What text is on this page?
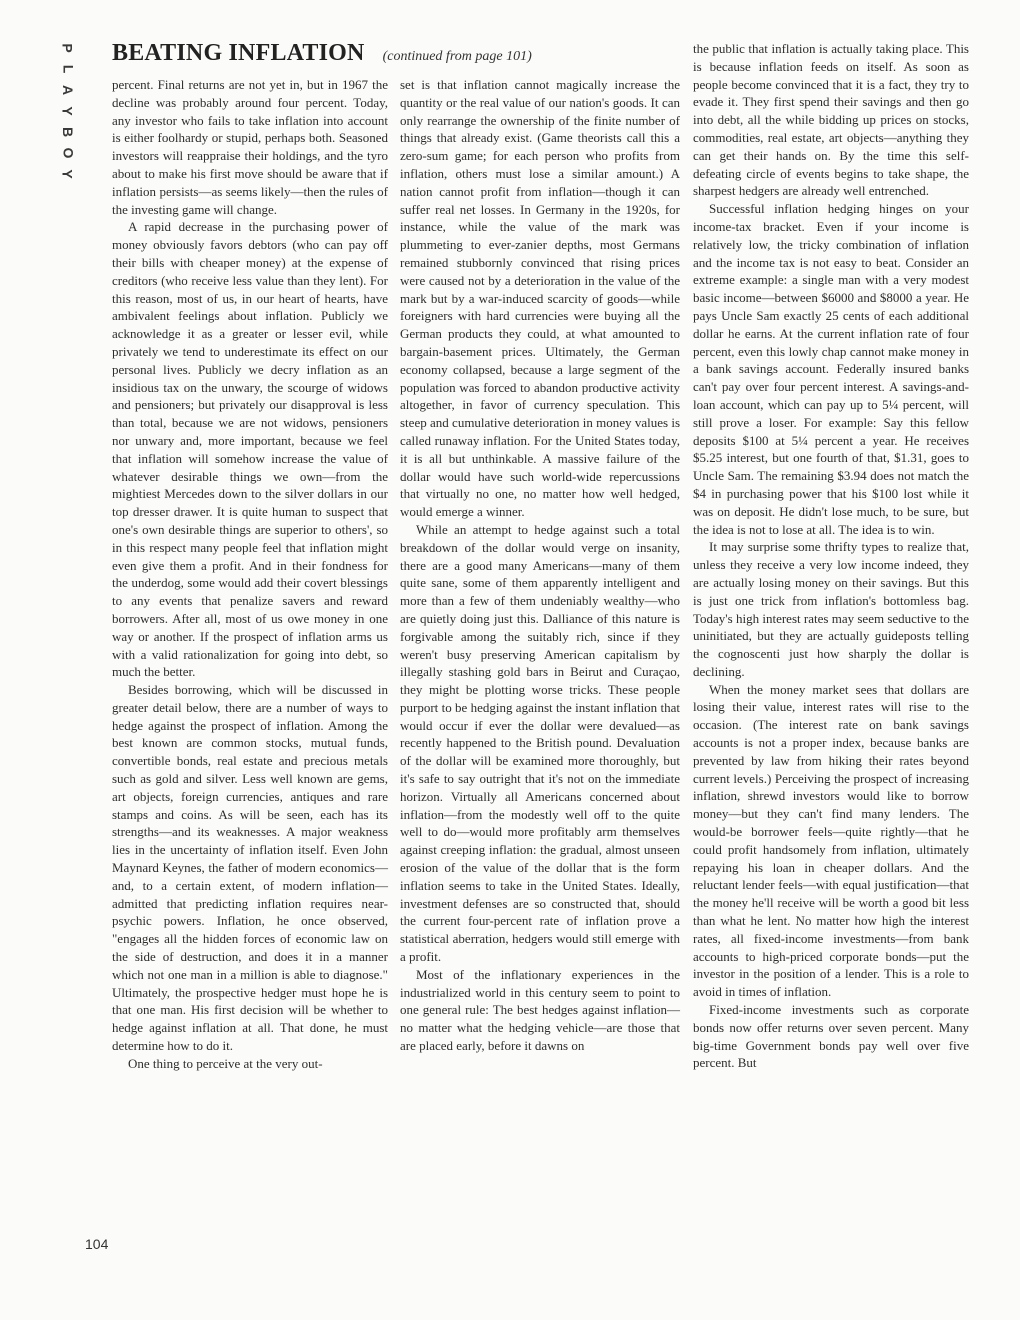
P
L
A
Y
B
O
Y
BEATING INFLATION (continued from page 101)

percent. Final returns are not yet in, but in 1967 the decline was probably around four percent. Today, any investor who fails to take inflation into account is either foolhardy or stupid, perhaps both. Seasoned investors will reappraise their holdings, and the tyro about to make his first move should be aware that if inflation persists—as seems likely—then the rules of the investing game will change.

A rapid decrease in the purchasing power of money obviously favors debtors (who can pay off their bills with cheaper money) at the expense of creditors (who receive less value than they lent). For this reason, most of us, in our heart of hearts, have ambivalent feelings about inflation. Publicly we acknowledge it as a greater or lesser evil, while privately we tend to underestimate its effect on our personal lives. Publicly we decry inflation as an insidious tax on the unwary, the scourge of widows and pensioners; but privately our disapproval is less than total, because we are not widows, pensioners nor unwary and, more important, because we feel that inflation will somehow increase the value of whatever desirable things we own—from the mightiest Mercedes down to the silver dollars in our top dresser drawer. It is quite human to suspect that one's own desirable things are superior to others', so in this respect many people feel that inflation might even give them a profit. And in their fondness for the underdog, some would add their covert blessings to any events that penalize savers and reward borrowers. After all, most of us owe money in one way or another. If the prospect of inflation arms us with a valid rationalization for going into debt, so much the better.

Besides borrowing, which will be discussed in greater detail below, there are a number of ways to hedge against the prospect of inflation. Among the best known are common stocks, mutual funds, convertible bonds, real estate and precious metals such as gold and silver. Less well known are gems, art objects, foreign currencies, antiques and rare stamps and coins. As will be seen, each has its strengths—and its weaknesses. A major weakness lies in the uncertainty of inflation itself. Even John Maynard Keynes, the father of modern economics—and, to a certain extent, of modern inflation—admitted that predicting inflation requires near-psychic powers. Inflation, he once observed, "engages all the hidden forces of economic law on the side of destruction, and does it in a manner which not one man in a million is able to diagnose." Ultimately, the prospective hedger must hope he is that one man. His first decision will be whether to hedge against inflation at all. That done, he must determine how to do it.

One thing to perceive at the very out-

set is that inflation cannot magically increase the quantity or the real value of our nation's goods. It can only rearrange the ownership of the finite number of things that already exist. (Game theorists call this a zero-sum game; for each person who profits from inflation, others must lose a similar amount.) A nation cannot profit from inflation—though it can suffer real net losses. In Germany in the 1920s, for instance, while the value of the mark was plummeting to ever-zanier depths, most Germans remained stubbornly convinced that rising prices were caused not by a deterioration in the value of the mark but by a war-induced scarcity of goods—while foreigners with hard currencies were buying all the German products they could, at what amounted to bargain-basement prices. Ultimately, the German economy collapsed, because a large segment of the population was forced to abandon productive activity altogether, in favor of currency speculation. This steep and cumulative deterioration in money values is called runaway inflation. For the United States today, it is all but unthinkable. A massive failure of the dollar would have such world-wide repercussions that virtually no one, no matter how well hedged, would emerge a winner.

While an attempt to hedge against such a total breakdown of the dollar would verge on insanity, there are a good many Americans—many of them quite sane, some of them apparently intelligent and more than a few of them undeniably wealthy—who are quietly doing just this. Dalliance of this nature is forgivable among the suitably rich, since if they weren't busy preserving American capitalism by illegally stashing gold bars in Beirut and Curaçao, they might be plotting worse tricks. These people purport to be hedging against the instant inflation that would occur if ever the dollar were devalued—as recently happened to the British pound. Devaluation of the dollar will be examined more thoroughly, but it's safe to say outright that it's not on the immediate horizon. Virtually all Americans concerned about inflation—from the modestly well off to the quite well to do—would more profitably arm themselves against creeping inflation: the gradual, almost unseen erosion of the value of the dollar that is the form inflation seems to take in the United States. Ideally, investment defenses are so constructed that, should the current four-percent rate of inflation prove a statistical aberration, hedgers would still emerge with a profit.

Most of the inflationary experiences in the industrialized world in this century seem to point to one general rule: The best hedges against inflation—no matter what the hedging vehicle—are those that are placed early, before it dawns on

the public that inflation is actually taking place. This is because inflation feeds on itself. As soon as people become convinced that it is a fact, they try to evade it. They first spend their savings and then go into debt, all the while bidding up prices on stocks, commodities, real estate, art objects—anything they can get their hands on. By the time this self-defeating circle of events begins to take shape, the sharpest hedgers are already well entrenched.

Successful inflation hedging hinges on your income-tax bracket. Even if your income is relatively low, the tricky combination of inflation and the income tax is not easy to beat. Consider an extreme example: a single man with a very modest basic income—between $6000 and $8000 a year. He pays Uncle Sam exactly 25 cents of each additional dollar he earns. At the current inflation rate of four percent, even this lowly chap cannot make money in a bank savings account. Federally insured banks can't pay over four percent interest. A savings-and-loan account, which can pay up to 5¼ percent, will still prove a loser. For example: Say this fellow deposits $100 at 5¼ percent a year. He receives $5.25 interest, but one fourth of that, $1.31, goes to Uncle Sam. The remaining $3.94 does not match the $4 in purchasing power that his $100 lost while it was on deposit. He didn't lose much, to be sure, but the idea is not to lose at all. The idea is to win.

It may surprise some thrifty types to realize that, unless they receive a very low income indeed, they are actually losing money on their savings. But this is just one trick from inflation's bottomless bag. Today's high interest rates may seem seductive to the uninitiated, but they are actually guideposts telling the cognoscenti just how sharply the dollar is declining.

When the money market sees that dollars are losing their value, interest rates will rise to the occasion. (The interest rate on bank savings accounts is not a proper index, because banks are prevented by law from hiking their rates beyond current levels.) Perceiving the prospect of increasing inflation, shrewd investors would like to borrow money—but they can't find many lenders. The would-be borrower feels—quite rightly—that he could profit handsomely from inflation, ultimately repaying his loan in cheaper dollars. And the reluctant lender feels—with equal justification—that the money he'll receive will be worth a good bit less than what he lent. No matter how high the interest rates, all fixed-income investments—from bank accounts to high-priced corporate bonds—put the investor in the position of a lender. This is a role to avoid in times of inflation.

Fixed-income investments such as corporate bonds now offer returns over seven percent. Many big-time Government bonds pay well over five percent. But

104
